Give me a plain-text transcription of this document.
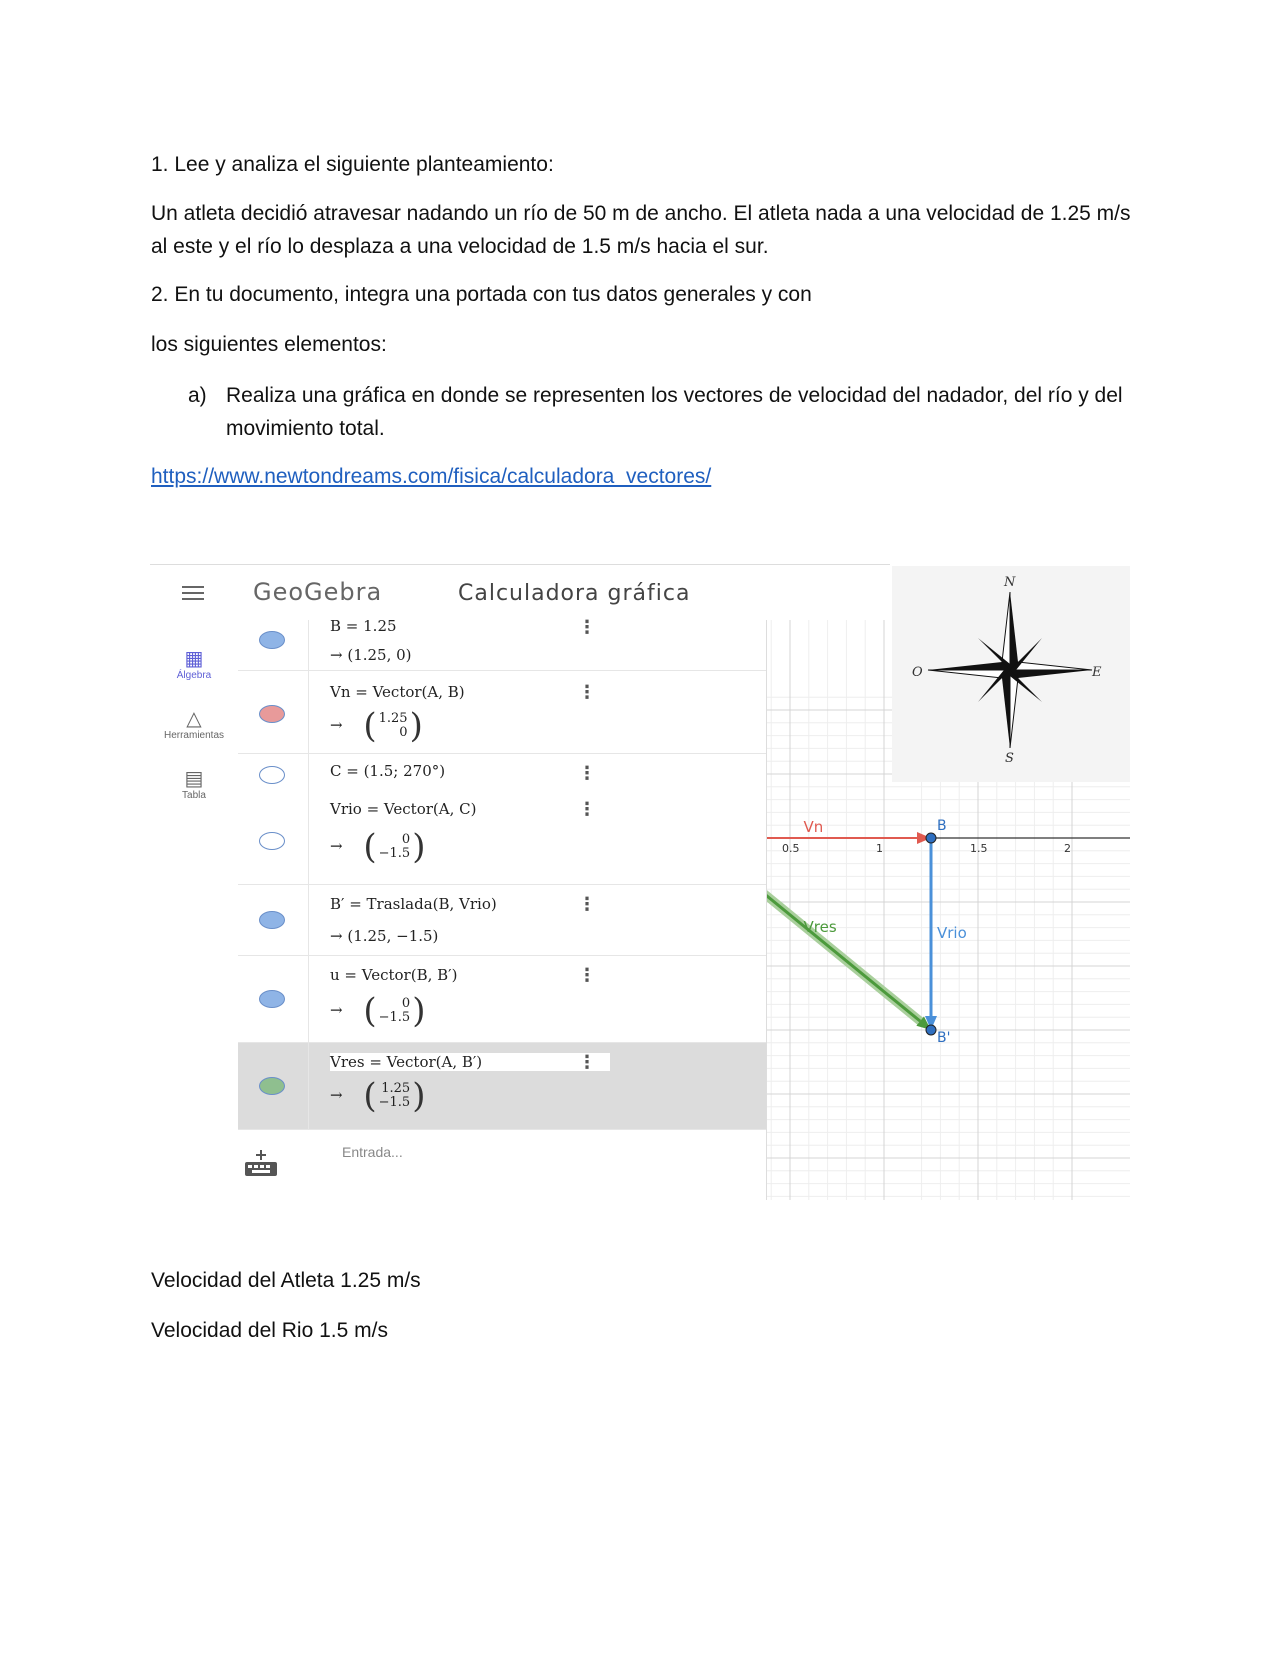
1. Lee y analiza el siguiente planteamiento:

Un atleta decidió atravesar nadando un río de 50 m de ancho. El atleta nada a una velocidad de 1.25 m/s al este y el río lo desplaza a una velocidad de 1.5 m/s hacia el sur.

2. En tu documento, integra una portada con tus datos generales y con

los siguientes elementos:

a) Realiza una gráfica en donde se representen los vectores de velocidad del nadador, del río y del movimiento total.
https://www.newtondreams.com/fisica/calculadora_vectores/
GeoGebra	Calculadora gráfica
▦
Álgebra
△
Herramientas
▤
Tabla
0.5	1	1.5	2
Vn
Vrio
Vres
B
B'
B = 1.25
→ (1.25, 0)
⋮
Vn = Vector(A, B)
→ ( 1.25
0 )
⋮
C = (1.5; 270°)	⋮
Vrio = Vector(A, C)
→ ( 0
−1.5 )
⋮
B′ = Traslada(B, Vrio)
→ (1.25, −1.5)
⋮
u = Vector(B, B′)
→ ( 0
−1.5 )
⋮
Vres = Vector(A, B′)
→ ( 1.25
−1.5 )
⋮
Entrada...
N
S
E
O

Velocidad del Atleta 1.25 m/s

Velocidad del Rio 1.5 m/s
